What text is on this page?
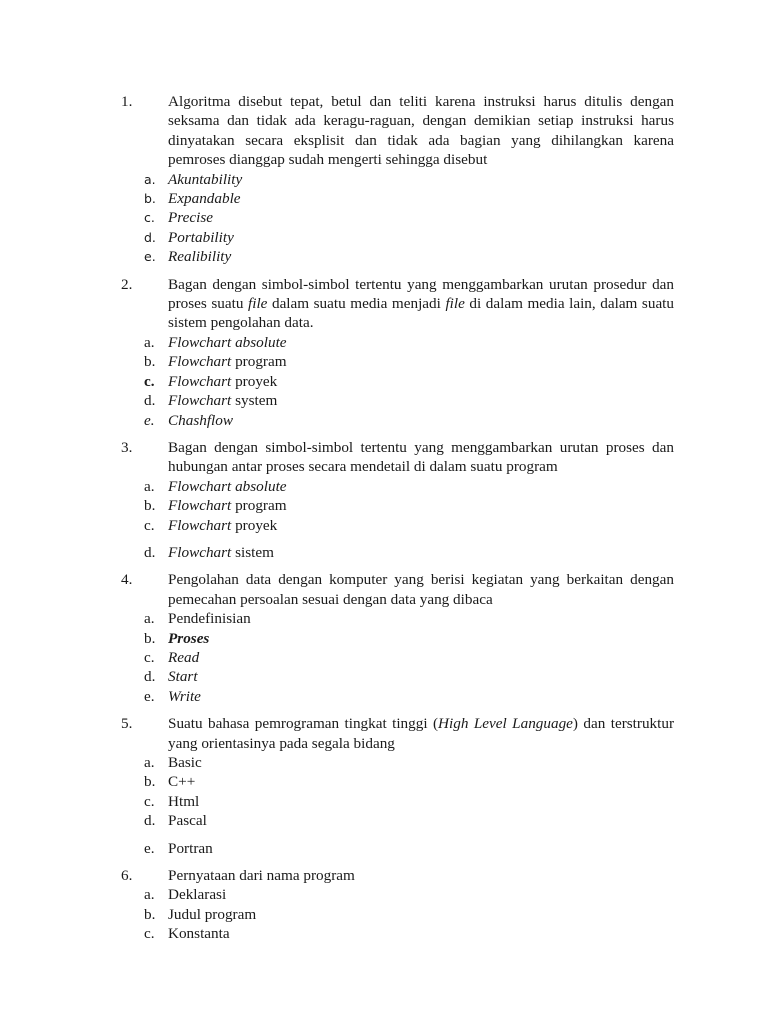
1.	Algoritma disebut tepat, betul dan teliti karena instruksi harus ditulis dengan seksama dan tidak ada keragu-raguan, dengan demikian setiap instruksi harus dinyatakan secara eksplisit dan tidak ada bagian yang dihilangkan karena pemroses dianggap sudah mengerti sehingga disebut
a. Akuntability
b. Expandable
c. Precise
d. Portability
e. Realibility
2.	Bagan dengan simbol-simbol tertentu yang menggambarkan urutan prosedur dan proses suatu file dalam suatu media menjadi file di dalam media lain, dalam suatu sistem pengolahan data.
a. Flowchart absolute
b. Flowchart program
c. Flowchart proyek
d. Flowchart system
e. Chashflow
3.	Bagan dengan simbol-simbol tertentu yang menggambarkan urutan proses dan hubungan antar proses secara mendetail di dalam suatu program
a. Flowchart absolute
b. Flowchart program
c. Flowchart proyek
d. Flowchart sistem
4.	Pengolahan data dengan komputer yang berisi kegiatan yang berkaitan dengan pemecahan persoalan sesuai dengan data yang dibaca
a. Pendefinisian
b. Proses
c. Read
d. Start
e. Write
5.	Suatu bahasa pemrograman tingkat tinggi (High Level Language) dan terstruktur yang orientasinya pada segala bidang
a. Basic
b. C++
c. Html
d. Pascal
e. Portran
6.	Pernyataan dari nama program
a. Deklarasi
b. Judul program
c. Konstanta
